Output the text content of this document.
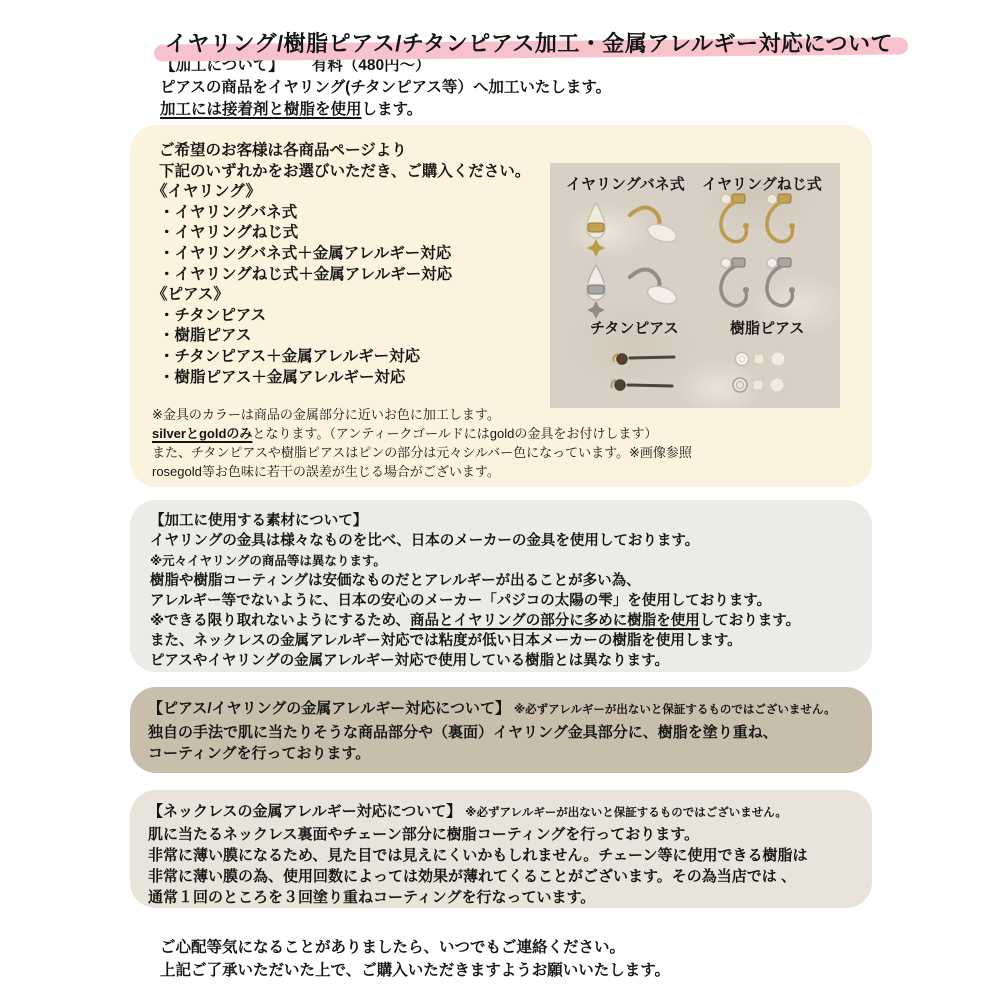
イヤリング/樹脂ピアス/チタンピアス加工・金属アレルギー対応について

【加工について】 有料（480円〜）

ピアスの商品をイヤリング(チタンピアス等）へ加工いたします。

加工には接着剤と樹脂を使用します。

ご希望のお客様は各商品ページより

下記のいずれかをお選びいただき、ご購入ください。

《イヤリング》

・イヤリングバネ式

・イヤリングねじ式

・イヤリングバネ式＋金属アレルギー対応

・イヤリングねじ式＋金属アレルギー対応

《ピアス》

・チタンピアス

・樹脂ピアス

・チタンピアス＋金属アレルギー対応

・樹脂ピアス＋金属アレルギー対応

イヤリングバネ式 イヤリングねじ式
チタンピアス	樹脂ピアス

※金具のカラーは商品の金属部分に近いお色に加工します。

silverとgoldのみとなります。（アンティークゴールドにはgoldの金具をお付けします）

また、チタンピアスや樹脂ピアスはピンの部分は元々シルバー色になっています。※画像参照

rosegold等お色味に若干の誤差が生じる場合がございます。

【加工に使用する素材について】

イヤリングの金具は様々なものを比べ、日本のメーカーの金具を使用しております。

※元々イヤリングの商品等は異なります。

樹脂や樹脂コーティングは安価なものだとアレルギーが出ることが多い為、

アレルギー等でないように、日本の安心のメーカー「パジコの太陽の雫」を使用しております。

※できる限り取れないようにするため、商品とイヤリングの部分に多めに樹脂を使用しております。

また、ネックレスの金属アレルギー対応では粘度が低い日本メーカーの樹脂を使用します。

ピアスやイヤリングの金属アレルギー対応で使用している樹脂とは異なります。

【ピアス/イヤリングの金属アレルギー対応について】 ※必ずアレルギーが出ないと保証するものではございません。

独自の手法で肌に当たりそうな商品部分や（裏面）イヤリング金具部分に、樹脂を塗り重ね、

コーティングを行っております。

【ネックレスの金属アレルギー対応について】 ※必ずアレルギーが出ないと保証するものではございません。

肌に当たるネックレス裏面やチェーン部分に樹脂コーティングを行っております。

非常に薄い膜になるため、見た目では見えにくいかもしれません。チェーン等に使用できる樹脂は

非常に薄い膜の為、使用回数によっては効果が薄れてくることがございます。その為当店では 、

通常１回のところを３回塗り重ねコーティングを行なっています。

ご心配等気になることがありましたら、いつでもご連絡ください。

上記ご了承いただいた上で、ご購入いただきますようお願いいたします。
